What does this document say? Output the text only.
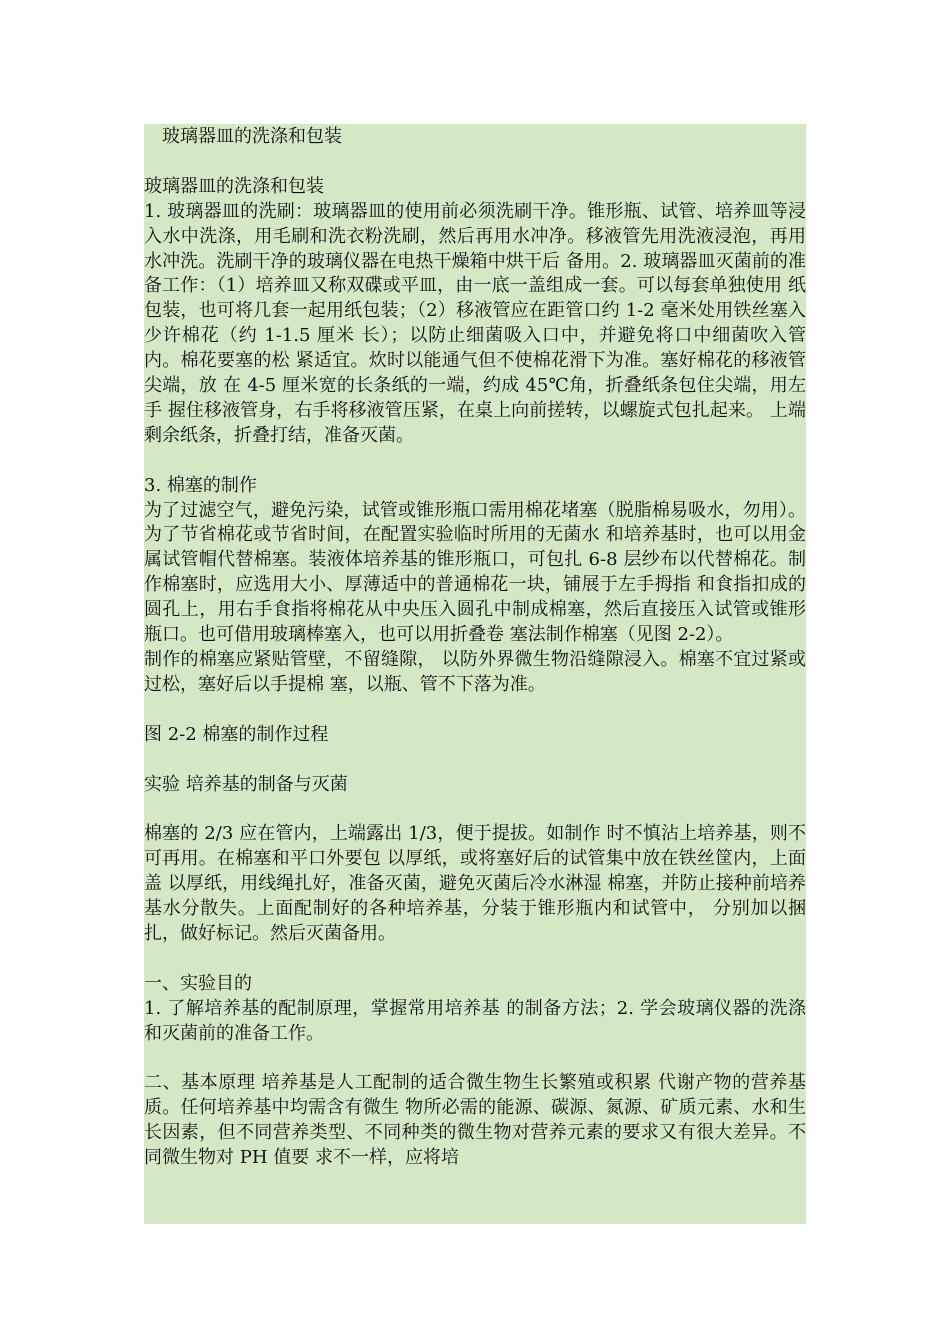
玻璃器皿的洗涤和包装

玻璃器皿的洗涤和包装

1. 玻璃器皿的洗刷：玻璃器皿的使用前必须洗刷干净。锥形瓶、试管、培养皿等浸入水中洗涤，用毛刷和洗衣粉洗刷，然后再用水冲净。移液管先用洗液浸泡，再用水冲洗。洗刷干净的玻璃仪器在电热干燥箱中烘干后 备用。2. 玻璃器皿灭菌前的准备工作：（1）培养皿又称双碟或平皿，由一底一盖组成一套。可以每套单独使用 纸包装，也可将几套一起用纸包装；（2）移液管应在距管口约 1-2 毫米处用铁丝塞入少许棉花（约 1-1.5 厘米 长）；以防止细菌吸入口中，并避免将口中细菌吹入管内。棉花要塞的松 紧适宜。炊时以能通气但不使棉花滑下为准。塞好棉花的移液管尖端，放 在 4-5 厘米宽的长条纸的一端，约成 45℃角，折叠纸条包住尖端，用左手 握住移液管身，右手将移液管压紧，在桌上向前搓转，以螺旋式包扎起来。 上端剩余纸条，折叠打结，准备灭菌。

3. 棉塞的制作

为了过滤空气，避免污染，试管或锥形瓶口需用棉花堵塞（脱脂棉易吸水，勿用）。为了节省棉花或节省时间，在配置实验临时所用的无菌水 和培养基时，也可以用金属试管帽代替棉塞。装液体培养基的锥形瓶口，可包扎 6-8 层纱布以代替棉花。制作棉塞时，应选用大小、厚薄适中的普通棉花一块，铺展于左手拇指 和食指扣成的圆孔上，用右手食指将棉花从中央压入圆孔中制成棉塞，然后直接压入试管或锥形瓶口。也可借用玻璃棒塞入，也可以用折叠卷 塞法制作棉塞（见图 2-2）。

制作的棉塞应紧贴管壁，不留缝隙， 以防外界微生物沿缝隙浸入。棉塞不宜过紧或过松，塞好后以手提棉 塞，以瓶、管不下落为准。

图 2-2 棉塞的制作过程

实验 培养基的制备与灭菌

棉塞的 2/3 应在管内，上端露出 1/3，便于提拔。如制作 时不慎沾上培养基，则不可再用。在棉塞和平口外要包 以厚纸，或将塞好后的试管集中放在铁丝筐内，上面盖 以厚纸，用线绳扎好，准备灭菌，避免灭菌后冷水淋湿 棉塞，并防止接种前培养基水分散失。上面配制好的各种培养基，分装于锥形瓶内和试管中， 分别加以捆扎，做好标记。然后灭菌备用。

一、实验目的

1. 了解培养基的配制原理，掌握常用培养基 的制备方法；2. 学会玻璃仪器的洗涤和灭菌前的准备工作。

二、基本原理 培养基是人工配制的适合微生物生长繁殖或积累 代谢产物的营养基质。任何培养基中均需含有微生 物所必需的能源、碳源、氮源、矿质元素、水和生 长因素，但不同营养类型、不同种类的微生物对营养元素的要求又有很大差异。不同微生物对 PH 值要 求不一样，应将培
